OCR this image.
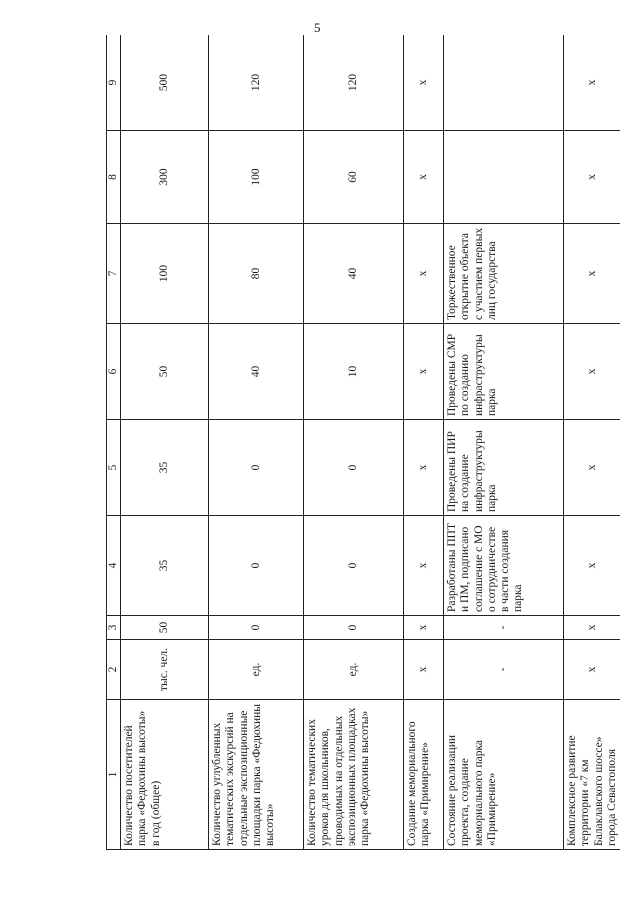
5
1	2	3	4	5	6	7	8	9
Количество посетителей парка «Федюхины высоты» в год (общее)	тыс. чел.	50	35	35	50	100	300	500
Количество углубленных тематических экскурсий на отдельные экспозиционные площадки парка «Федюхины высоты»	ед.	0	0	0	40	80	100	120
Количество тематических уроков для школьников, проводимых на отдельных экспозиционных площадках парка «Федюхины высоты»	ед.	0	0	0	10	40	60	120
Создание мемориального парка «Примирение»	х	х	х	х	х	х	х	х
Состояние реализации проекта, создание мемориального парка «Примирение»	-	-	Разработаны ППТ и ПМ, подписано соглашение с МО о сотрудничестве в части создания парка	Проведены ПИР на создание инфраструктуры парка	Проведены СМР по созданию инфраструктуры парка	Торжественное открытие объекта с участием первых лиц государства		
Комплексное развитие территории «7 км Балаклавского шоссе» города Севастополя	х	х	х	х	х	х	х	х
